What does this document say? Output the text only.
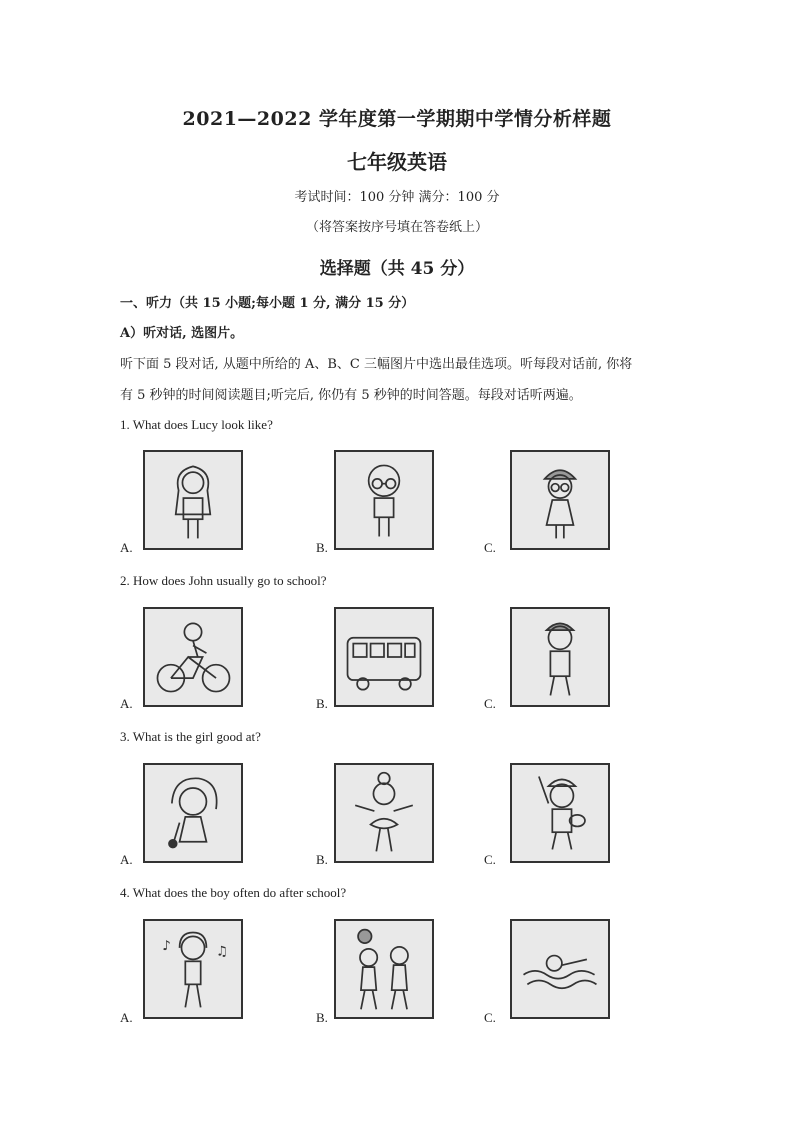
2021—2022 学年度第一学期期中学情分析样题
七年级英语
考试时间：100 分钟 满分：100 分
（将答案按序号填在答卷纸上）
选择题（共 45 分）
一、听力（共 15 小题;每小题 1 分, 满分 15 分）
A）听对话, 选图片。
听下面 5 段对话, 从题中所给的 A、B、C 三幅图片中选出最佳选项。听每段对话前, 你将
有 5 秒钟的时间阅读题目;听完后, 你仍有 5 秒钟的时间答题。每段对话听两遍。
1. What does Lucy look like?
A.	B.	C.
2. How does John usually go to school?
A.	B.	C.
3. What is the girl good at?
A.	B.	C.
4. What does the boy often do after school?
♪	♫
A.	B.	C.
